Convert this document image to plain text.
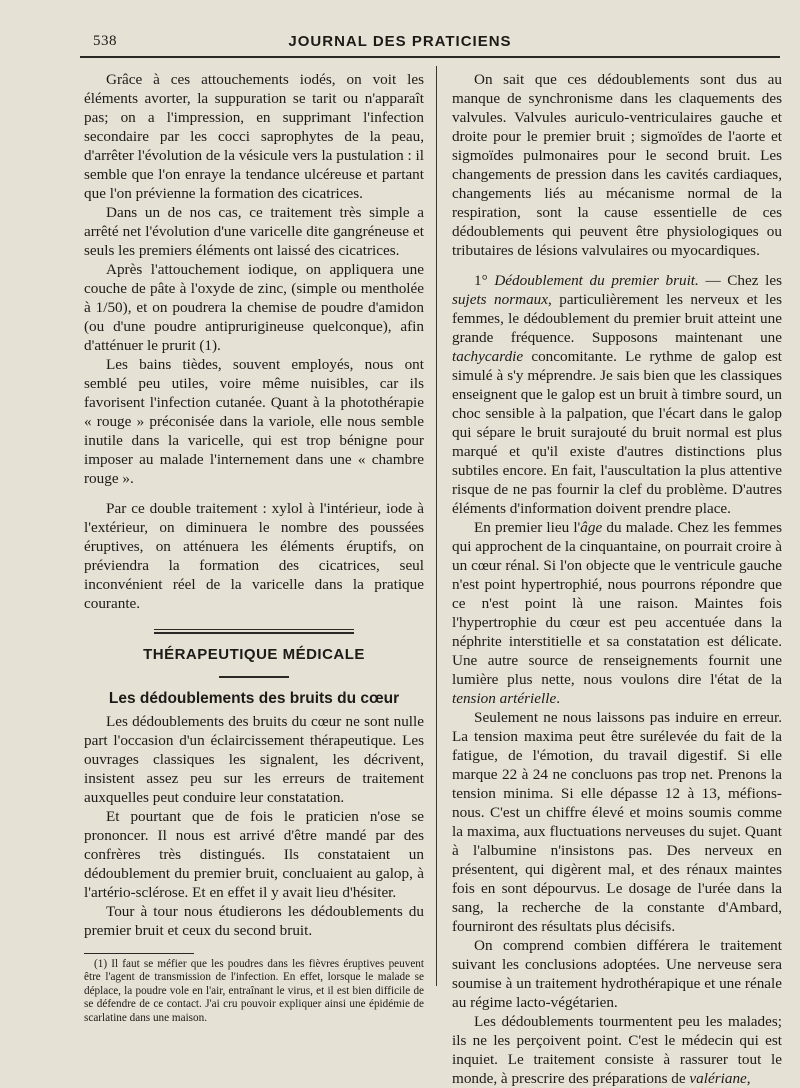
538	JOURNAL DES PRATICIENS

Grâce à ces attouchements iodés, on voit les éléments avorter, la suppuration se tarit ou n'apparaît pas; on a l'impression, en supprimant l'infection secondaire par les cocci saprophytes de la peau, d'arrêter l'évolution de la vésicule vers la pustulation : il semble que l'on enraye la tendance ulcéreuse et partant que l'on prévienne la formation des cicatrices.

Dans un de nos cas, ce traitement très simple a arrêté net l'évolution d'une varicelle dite gangréneuse et seuls les premiers éléments ont laissé des cicatrices.

Après l'attouchement iodique, on appliquera une couche de pâte à l'oxyde de zinc, (simple ou mentholée à 1/50), et on poudrera la chemise de poudre d'amidon (ou d'une poudre antiprurigineuse quelconque), afin d'atténuer le prurit (1).

Les bains tièdes, souvent employés, nous ont semblé peu utiles, voire même nuisibles, car ils favorisent l'infection cutanée. Quant à la photothérapie « rouge » préconisée dans la variole, elle nous semble inutile dans la varicelle, qui est trop bénigne pour imposer au malade l'internement dans une « chambre rouge ».

Par ce double traitement : xylol à l'intérieur, iode à l'extérieur, on diminuera le nombre des poussées éruptives, on atténuera les éléments éruptifs, on préviendra la formation des cicatrices, seul inconvénient réel de la varicelle dans la pratique courante.

THÉRAPEUTIQUE MÉDICALE
Les dédoublements des bruits du cœur

Les dédoublements des bruits du cœur ne sont nulle part l'occasion d'un éclaircissement thérapeutique. Les ouvrages classiques les signalent, les décrivent, insistent assez peu sur les erreurs de traitement auxquelles peut conduire leur constatation.

Et pourtant que de fois le praticien n'ose se prononcer. Il nous est arrivé d'être mandé par des confrères très distingués. Ils constataient un dédoublement du premier bruit, concluaient au galop, à l'artério-sclérose. Et en effet il y avait lieu d'hésiter.

Tour à tour nous étudierons les dédoublements du premier bruit et ceux du second bruit.

(1) Il faut se méfier que les poudres dans les fièvres éruptives peuvent être l'agent de transmission de l'infection. En effet, lorsque le malade se déplace, la poudre vole en l'air, entraînant le virus, et il est bien difficile de se défendre de ce contact. J'ai cru pouvoir expliquer ainsi une épidémie de scarlatine dans une maison.

On sait que ces dédoublements sont dus au manque de synchronisme dans les claquements des valvules. Valvules auriculo-ventriculaires gauche et droite pour le premier bruit ; sigmoïdes de l'aorte et sigmoïdes pulmonaires pour le second bruit. Les changements de pression dans les cavités cardiaques, changements liés au mécanisme normal de la respiration, sont la cause essentielle de ces dédoublements qui peuvent être physiologiques ou tributaires de lésions valvulaires ou myocardiques.

1° Dédoublement du premier bruit. — Chez les sujets normaux, particulièrement les nerveux et les femmes, le dédoublement du premier bruit atteint une grande fréquence. Supposons maintenant une tachycardie concomitante. Le rythme de galop est simulé à s'y méprendre. Je sais bien que les classiques enseignent que le galop est un bruit à timbre sourd, un choc sensible à la palpation, que l'écart dans le galop qui sépare le bruit surajouté du bruit normal est plus marqué et qu'il existe d'autres distinctions plus subtiles encore. En fait, l'auscultation la plus attentive risque de ne pas fournir la clef du problème. D'autres éléments d'information doivent prendre place.

En premier lieu l'âge du malade. Chez les femmes qui approchent de la cinquantaine, on pourrait croire à un cœur rénal. Si l'on objecte que le ventricule gauche n'est point hypertrophié, nous pourrons répondre que ce n'est point là une raison. Maintes fois l'hypertrophie du cœur est peu accentuée dans la néphrite interstitielle et sa constatation est délicate. Une autre source de renseignements fournit une lumière plus nette, nous voulons dire l'état de la tension artérielle.

Seulement ne nous laissons pas induire en erreur. La tension maxima peut être surélevée du fait de la fatigue, de l'émotion, du travail digestif. Si elle marque 22 à 24 ne concluons pas trop net. Prenons la tension minima. Si elle dépasse 12 à 13, méfions-nous. C'est un chiffre élevé et moins soumis comme la maxima, aux fluctuations nerveuses du sujet. Quant à l'albumine n'insistons pas. Des nerveux en présentent, qui digèrent mal, et des rénaux maintes fois en sont dépourvus. Le dosage de l'urée dans la sang, la recherche de la constante d'Ambard, fourniront des résultats plus décisifs.

On comprend combien différera le traitement suivant les conclusions adoptées. Une nerveuse sera soumise à un traitement hydrothérapique et une rénale au régime lacto-végétarien.

Les dédoublements tourmentent peu les malades; ils ne les perçoivent point. C'est le médecin qui est inquiet. Le traitement consiste à rassurer tout le monde, à prescrire des préparations de valériane,
